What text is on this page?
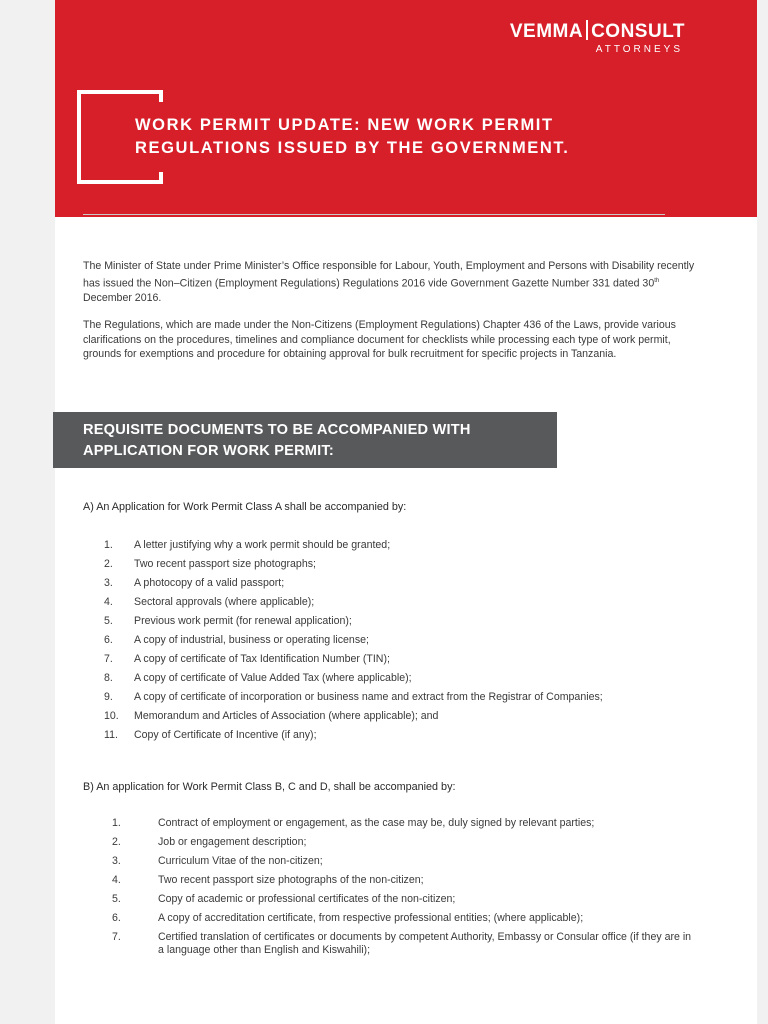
VEMMA CONSULT
ATTORNEYS
WORK PERMIT UPDATE: NEW WORK PERMIT
REGULATIONS ISSUED BY THE GOVERNMENT.
The Minister of State under Prime Minister’s Office responsible for Labour, Youth, Employment and Persons with Disability recently has issued the Non–Citizen (Employment Regulations) Regulations 2016 vide Government Gazette Number 331 dated 30th December 2016.
The Regulations, which are made under the Non-Citizens (Employment Regulations) Chapter 436 of the Laws, provide various clarifications on the procedures, timelines and compliance document for checklists while processing each type of work permit, grounds for exemptions and procedure for obtaining approval for bulk recruitment for specific projects in Tanzania.
REQUISITE DOCUMENTS TO BE ACCOMPANIED WITH
APPLICATION FOR WORK PERMIT:
A) An Application for Work Permit Class A shall be accompanied by:
1. A letter justifying why a work permit should be granted;
2. Two recent passport size photographs;
3. A photocopy of a valid passport;
4. Sectoral approvals (where applicable);
5. Previous work permit (for renewal application);
6. A copy of industrial, business or operating license;
7. A copy of certificate of Tax Identification Number (TIN);
8. A copy of certificate of Value Added Tax (where applicable);
9. A copy of certificate of incorporation or business name and extract from the Registrar of Companies;
10. Memorandum and Articles of Association (where applicable); and
11. Copy of Certificate of Incentive (if any);
B) An application for Work Permit Class B, C and D, shall be accompanied by:
1.	Contract of employment or engagement, as the case may be, duly signed by relevant parties;
2.	Job or engagement description;
3.	Curriculum Vitae of the non-citizen;
4.	Two recent passport size photographs of the non-citizen;
5.	Copy of academic or professional certificates of the non-citizen;
6.	A copy of accreditation certificate, from respective professional entities; (where applicable);
7.	Certified translation of certificates or documents by competent Authority, Embassy or Consular office (if they are in a language other than English and Kiswahili);
